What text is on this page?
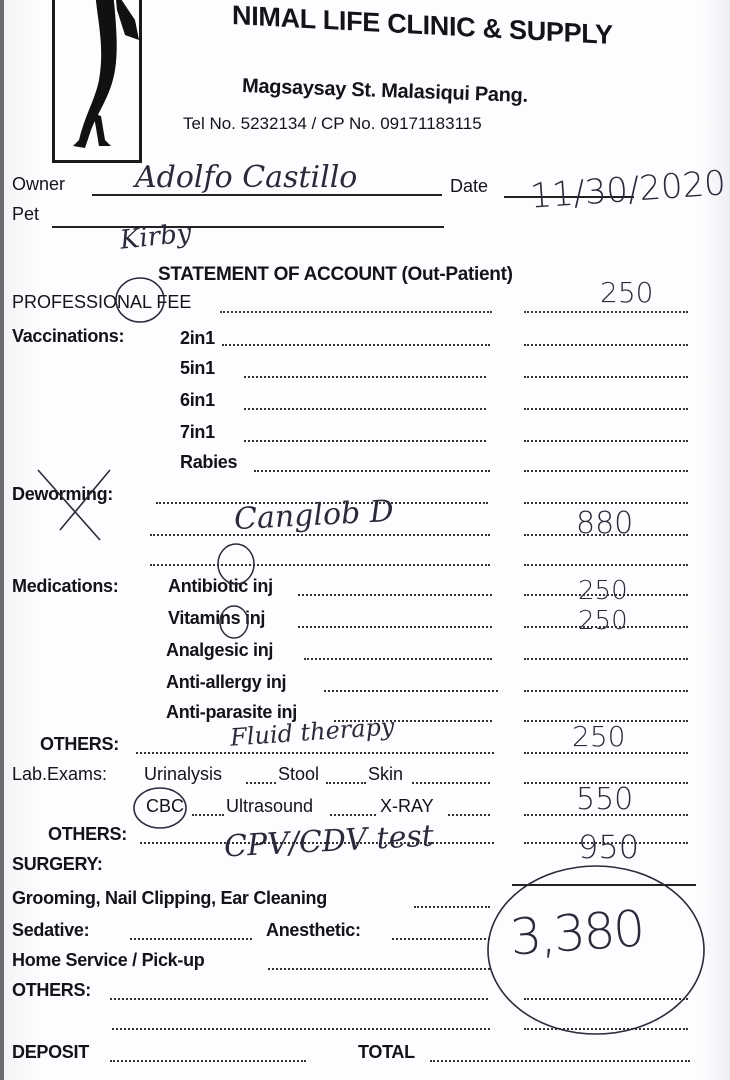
NIMAL LIFE CLINIC & SUPPLY
Magsaysay St. Malasiqui Pang.
Tel No. 5232134 / CP No. 09171183115
Owner Adolfo Castillo	Date 11/30/2020
Pet
Kirby
STATEMENT OF ACCOUNT (Out-Patient)
PROFESSIONAL FEE	250
Vaccinations:	2in1
5in1
6in1
7in1
Rabies
Deworming:	Canglob D	880
Medications:	Antibiotic inj	250
Vitamins inj	250
Analgesic inj
Anti-allergy inj
Anti-parasite inj
OTHERS:	Fluid therapy	250
Lab.Exams: Urinalysis	Stool	Skin
CBC Ultrasound	X-RAY	550
OTHERS:	CPV/CDV test	950
SURGERY:
Grooming, Nail Clipping, Ear Cleaning
Sedative:	Anesthetic:
Home Service / Pick-up
OTHERS:
DEPOSIT	TOTAL
3,380
